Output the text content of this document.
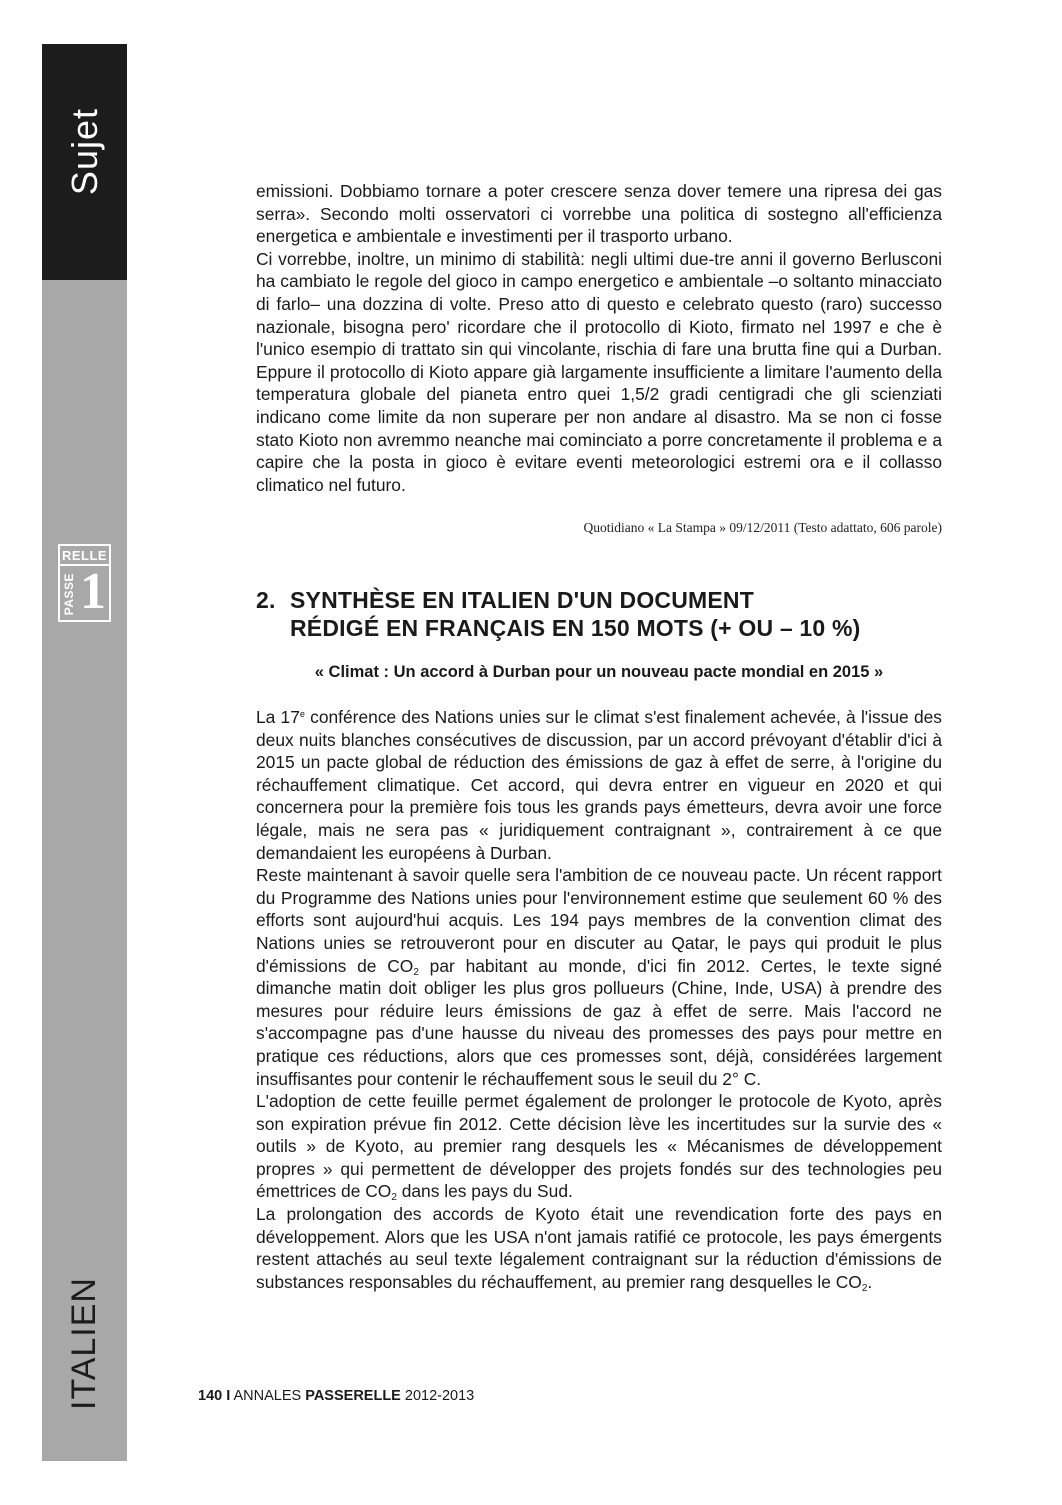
Sujet
ITALIEN
RELLE
PASSE 1

emissioni. Dobbiamo tornare a poter crescere senza dover temere una ripresa dei gas serra». Secondo molti osservatori ci vorrebbe una politica di sostegno all'efficienza energetica e ambientale e investimenti per il trasporto urbano.

Ci vorrebbe, inoltre, un minimo di stabilità: negli ultimi due-tre anni il governo Berlusconi ha cambiato le regole del gioco in campo energetico e ambientale –o soltanto minacciato di farlo– una dozzina di volte. Preso atto di questo e celebrato questo (raro) successo nazionale, bisogna pero' ricordare che il protocollo di Kioto, firmato nel 1997 e che è l'unico esempio di trattato sin qui vincolante, rischia di fare una brutta fine qui a Durban. Eppure il protocollo di Kioto appare già largamente insufficiente a limitare l'aumento della temperatura globale del pianeta entro quei 1,5/2 gradi centigradi che gli scienziati indicano come limite da non superare per non andare al disastro. Ma se non ci fosse stato Kioto non avremmo neanche mai cominciato a porre concretamente il problema e a capire che la posta in gioco è evitare eventi meteorologici estremi ora e il collasso climatico nel futuro.

Quotidiano « La Stampa » 09/12/2011 (Testo adattato, 606 parole)
2. SYNTHÈSE EN ITALIEN D'UN DOCUMENT
RÉDIGÉ EN FRANÇAIS EN 150 MOTS (+ OU – 10 %)
« Climat : Un accord à Durban pour un nouveau pacte mondial en 2015 »

La 17e conférence des Nations unies sur le climat s'est finalement achevée, à l'issue des deux nuits blanches consécutives de discussion, par un accord prévoyant d'établir d'ici à 2015 un pacte global de réduction des émissions de gaz à effet de serre, à l'origine du réchauffement climatique. Cet accord, qui devra entrer en vigueur en 2020 et qui concernera pour la première fois tous les grands pays émetteurs, devra avoir une force légale, mais ne sera pas « juridiquement contraignant », contrairement à ce que demandaient les européens à Durban.

Reste maintenant à savoir quelle sera l'ambition de ce nouveau pacte. Un récent rapport du Programme des Nations unies pour l'environnement estime que seulement 60 % des efforts sont aujourd'hui acquis. Les 194 pays membres de la convention climat des Nations unies se retrouveront pour en discuter au Qatar, le pays qui produit le plus d'émissions de $CO_2$ par habitant au monde, d'ici fin 2012. Certes, le texte signé dimanche matin doit obliger les plus gros pollueurs (Chine, Inde, USA) à prendre des mesures pour réduire leurs émissions de gaz à effet de serre. Mais l'accord ne s'accompagne pas d'une hausse du niveau des promesses des pays pour mettre en pratique ces réductions, alors que ces promesses sont, déjà, considérées largement insuffisantes pour contenir le réchauffement sous le seuil du 2° C.

L'adoption de cette feuille permet également de prolonger le protocole de Kyoto, après son expiration prévue fin 2012. Cette décision lève les incertitudes sur la survie des « outils » de Kyoto, au premier rang desquels les « Mécanismes de développement propres » qui permettent de développer des projets fondés sur des technologies peu émettrices de $CO_2$ dans les pays du Sud.

La prolongation des accords de Kyoto était une revendication forte des pays en développement. Alors que les USA n'ont jamais ratifié ce protocole, les pays émergents restent attachés au seul texte légalement contraignant sur la réduction d'émissions de substances responsables du réchauffement, au premier rang desquelles le $CO_2$.

140 I ANNALES PASSERELLE 2012-2013
